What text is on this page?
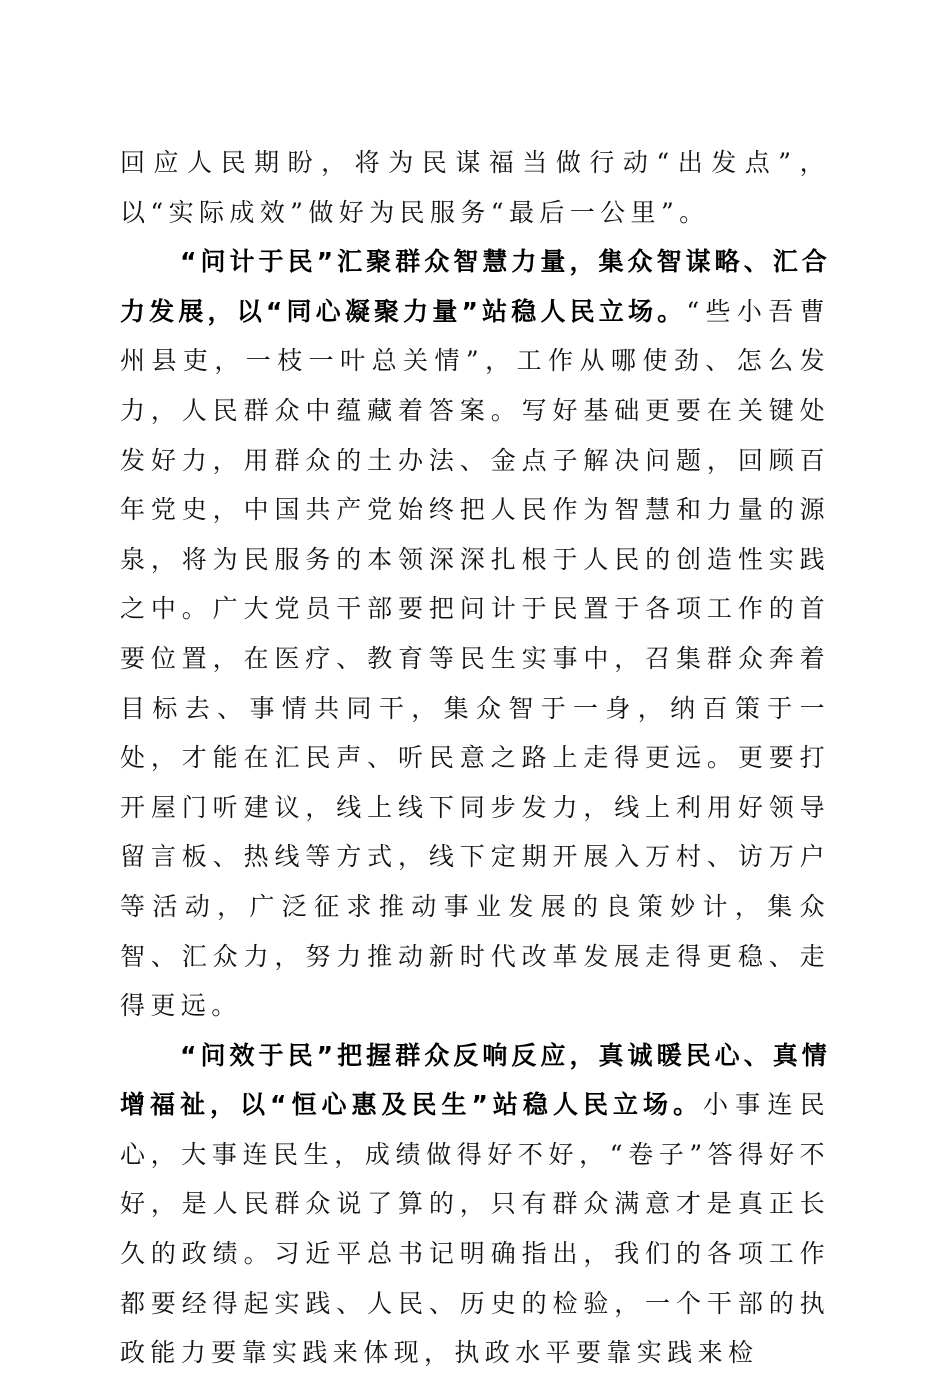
回应人民期盼，将为民谋福当做行动“出发点”，以“实际成效”做好为民服务“最后一公里”。

“问计于民”汇聚群众智慧力量，集众智谋略、汇合力发展，以“同心凝聚力量”站稳人民立场。“些小吾曹州县吏，一枝一叶总关情”，工作从哪使劲、怎么发力，人民群众中蕴藏着答案。写好基础更要在关键处发好力，用群众的土办法、金点子解决问题，回顾百年党史，中国共产党始终把人民作为智慧和力量的源泉，将为民服务的本领深深扎根于人民的创造性实践之中。广大党员干部要把问计于民置于各项工作的首要位置，在医疗、教育等民生实事中，召集群众奔着目标去、事情共同干，集众智于一身，纳百策于一处，才能在汇民声、听民意之路上走得更远。更要打开屋门听建议，线上线下同步发力，线上利用好领导留言板、热线等方式，线下定期开展入万村、访万户等活动，广泛征求推动事业发展的良策妙计，集众智、汇众力，努力推动新时代改革发展走得更稳、走得更远。

“问效于民”把握群众反响反应，真诚暖民心、真情增福祉，以“恒心惠及民生”站稳人民立场。小事连民心，大事连民生，成绩做得好不好，“卷子”答得好不好，是人民群众说了算的，只有群众满意才是真正长久的政绩。习近平总书记明确指出，我们的各项工作都要经得起实践、人民、历史的检验，一个干部的执政能力要靠实践来体现，执政水平要靠实践来检
